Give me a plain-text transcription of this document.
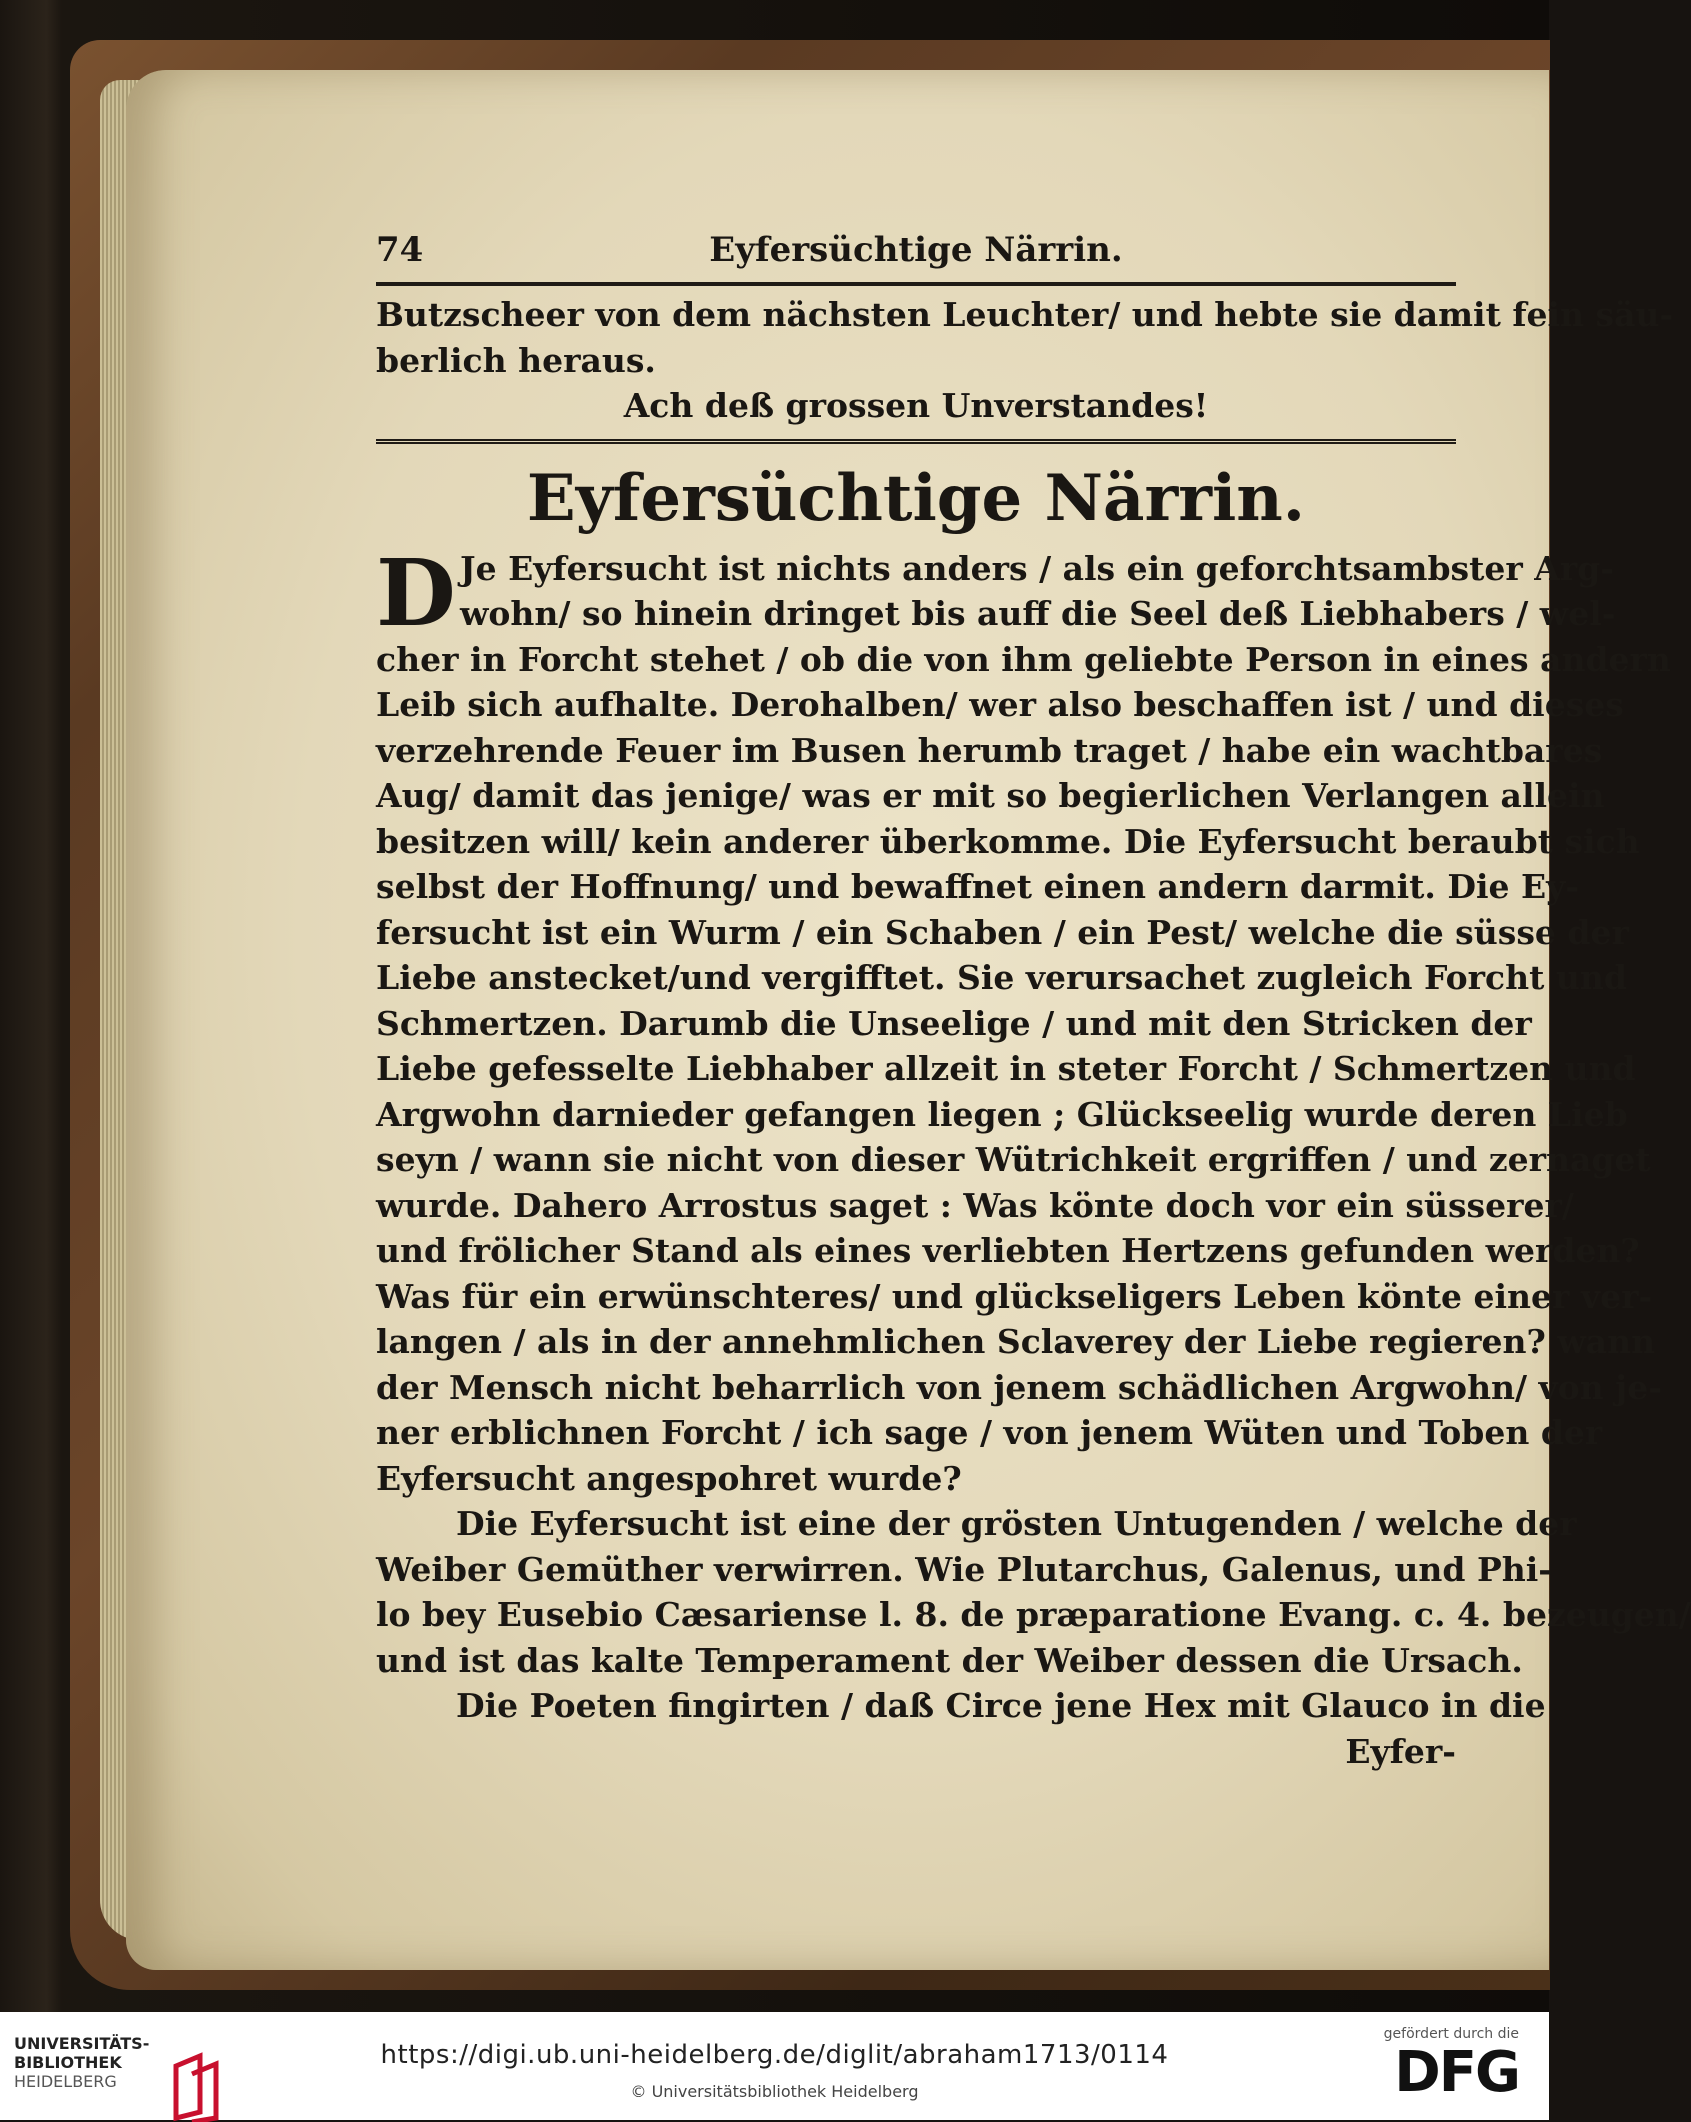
74	Eyfersüchtige Närrin.
Butzscheer von dem nächsten Leuchter/ und hebte sie damit fein säu-
berlich heraus.
Ach deß grossen Unverstandes!
Eyfersüchtige Närrin.
D Je Eyfersucht ist nichts anders / als ein geforchtsambster Arg-
wohn/ so hinein dringet bis auff die Seel deß Liebhabers / wel-
cher in Forcht stehet / ob die von ihm geliebte Person in eines andern
Leib sich aufhalte. Derohalben/ wer also beschaffen ist / und dieses
verzehrende Feuer im Busen herumb traget / habe ein wachtbares
Aug/ damit das jenige/ was er mit so begierlichen Verlangen allein
besitzen will/ kein anderer überkomme. Die Eyfersucht beraubt sich
selbst der Hoffnung/ und bewaffnet einen andern darmit. Die Ey-
fersucht ist ein Wurm / ein Schaben / ein Pest/ welche die süsse der
Liebe anstecket/und vergifftet. Sie verursachet zugleich Forcht und
Schmertzen. Darumb die Unseelige / und mit den Stricken der
Liebe gefesselte Liebhaber allzeit in steter Forcht / Schmertzen und
Argwohn darnieder gefangen liegen ; Glückseelig wurde deren Lieb
seyn / wann sie nicht von dieser Wütrichkeit ergriffen / und zernaget
wurde. Dahero Arrostus saget : Was könte doch vor ein süsserer/
und frölicher Stand als eines verliebten Hertzens gefunden werden?
Was für ein erwünschteres/ und glückseligers Leben könte einer ver-
langen / als in der annehmlichen Sclaverey der Liebe regieren? wann
der Mensch nicht beharrlich von jenem schädlichen Argwohn/ von je-
ner erblichnen Forcht / ich sage / von jenem Wüten und Toben der
Eyfersucht angespohret wurde?
Die Eyfersucht ist eine der grösten Untugenden / welche der
Weiber Gemüther verwirren. Wie Plutarchus, Galenus, und Phi-
lo bey Eusebio Cæsariense l. 8. de præparatione Evang. c. 4. bezeugen/
und ist das kalte Temperament der Weiber dessen die Ursach.
Die Poeten fingirten / daß Circe jene Hex mit Glauco in die
Eyfer-
UNIVERSITÄTS-
BIBLIOTHEK
HEIDELBERG
https://digi.ub.uni-heidelberg.de/diglit/abraham1713/0114
© Universitätsbibliothek Heidelberg
gefördert durch die
DFG
